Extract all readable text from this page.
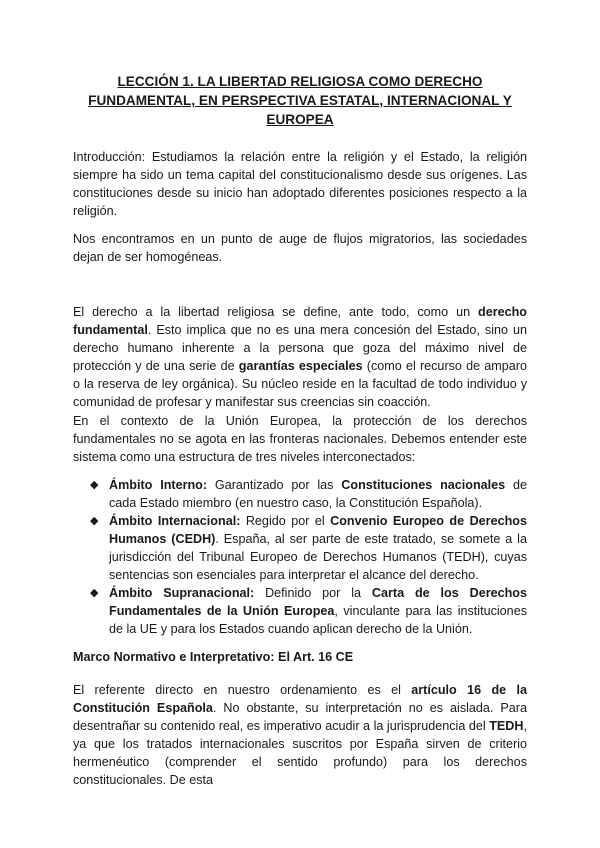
LECCIÓN 1. LA LIBERTAD RELIGIOSA COMO DERECHO FUNDAMENTAL, EN PERSPECTIVA ESTATAL, INTERNACIONAL Y EUROPEA

Introducción: Estudiamos la relación entre la religión y el Estado, la religión siempre ha sido un tema capital del constitucionalismo desde sus orígenes. Las constituciones desde su inicio han adoptado diferentes posiciones respecto a la religión.

Nos encontramos en un punto de auge de flujos migratorios, las sociedades dejan de ser homogéneas.

El derecho a la libertad religiosa se define, ante todo, como un derecho fundamental. Esto implica que no es una mera concesión del Estado, sino un derecho humano inherente a la persona que goza del máximo nivel de protección y de una serie de garantías especiales (como el recurso de amparo o la reserva de ley orgánica). Su núcleo reside en la facultad de todo individuo y comunidad de profesar y manifestar sus creencias sin coacción.

En el contexto de la Unión Europea, la protección de los derechos fundamentales no se agota en las fronteras nacionales. Debemos entender este sistema como una estructura de tres niveles interconectados:

◆ Ámbito Interno: Garantizado por las Constituciones nacionales de cada Estado miembro (en nuestro caso, la Constitución Española).
◆ Ámbito Internacional: Regido por el Convenio Europeo de Derechos Humanos (CEDH). España, al ser parte de este tratado, se somete a la jurisdicción del Tribunal Europeo de Derechos Humanos (TEDH), cuyas sentencias son esenciales para interpretar el alcance del derecho.
◆ Ámbito Supranacional: Definido por la Carta de los Derechos Fundamentales de la Unión Europea, vinculante para las instituciones de la UE y para los Estados cuando aplican derecho de la Unión.

Marco Normativo e Interpretativo: El Art. 16 CE

El referente directo en nuestro ordenamiento es el artículo 16 de la Constitución Española. No obstante, su interpretación no es aislada. Para desentrañar su contenido real, es imperativo acudir a la jurisprudencia del TEDH, ya que los tratados internacionales suscritos por España sirven de criterio hermenéutico (comprender el sentido profundo) para los derechos constitucionales. De esta
